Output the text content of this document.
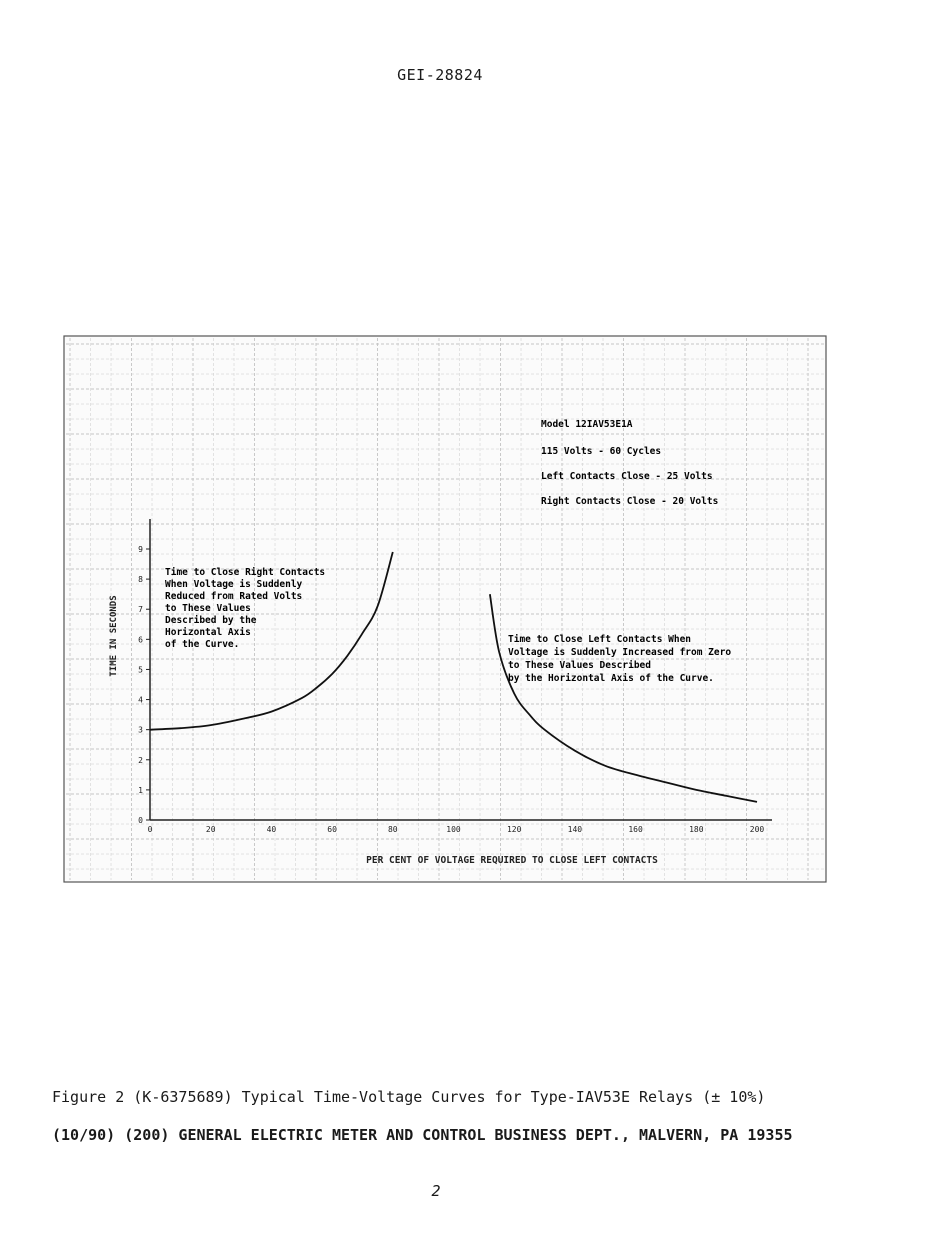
GEI-28824
0	20	40	60	80	100	120	140	160	180	200
0
1
2
3
4
5
6
7
8
9
TIME IN SECONDS
PER CENT OF VOLTAGE REQUIRED TO CLOSE LEFT CONTACTS
Time to Close Right Contacts
When Voltage is Suddenly
Reduced from Rated Volts
to These Values
Described by the
Horizontal Axis
of the Curve.	Time to Close Left Contacts When
Voltage is Suddenly Increased from Zero
to These Values Described
by the Horizontal Axis of the Curve.
Model 12IAV53E1A
115 Volts - 60 Cycles
Left Contacts Close - 25 Volts
Right Contacts Close - 20 Volts
Figure 2 (K-6375689) Typical Time-Voltage Curves for Type-IAV53E Relays (± 10%)
(10/90) (200) GENERAL ELECTRIC METER AND CONTROL BUSINESS DEPT., MALVERN, PA 19355
2
